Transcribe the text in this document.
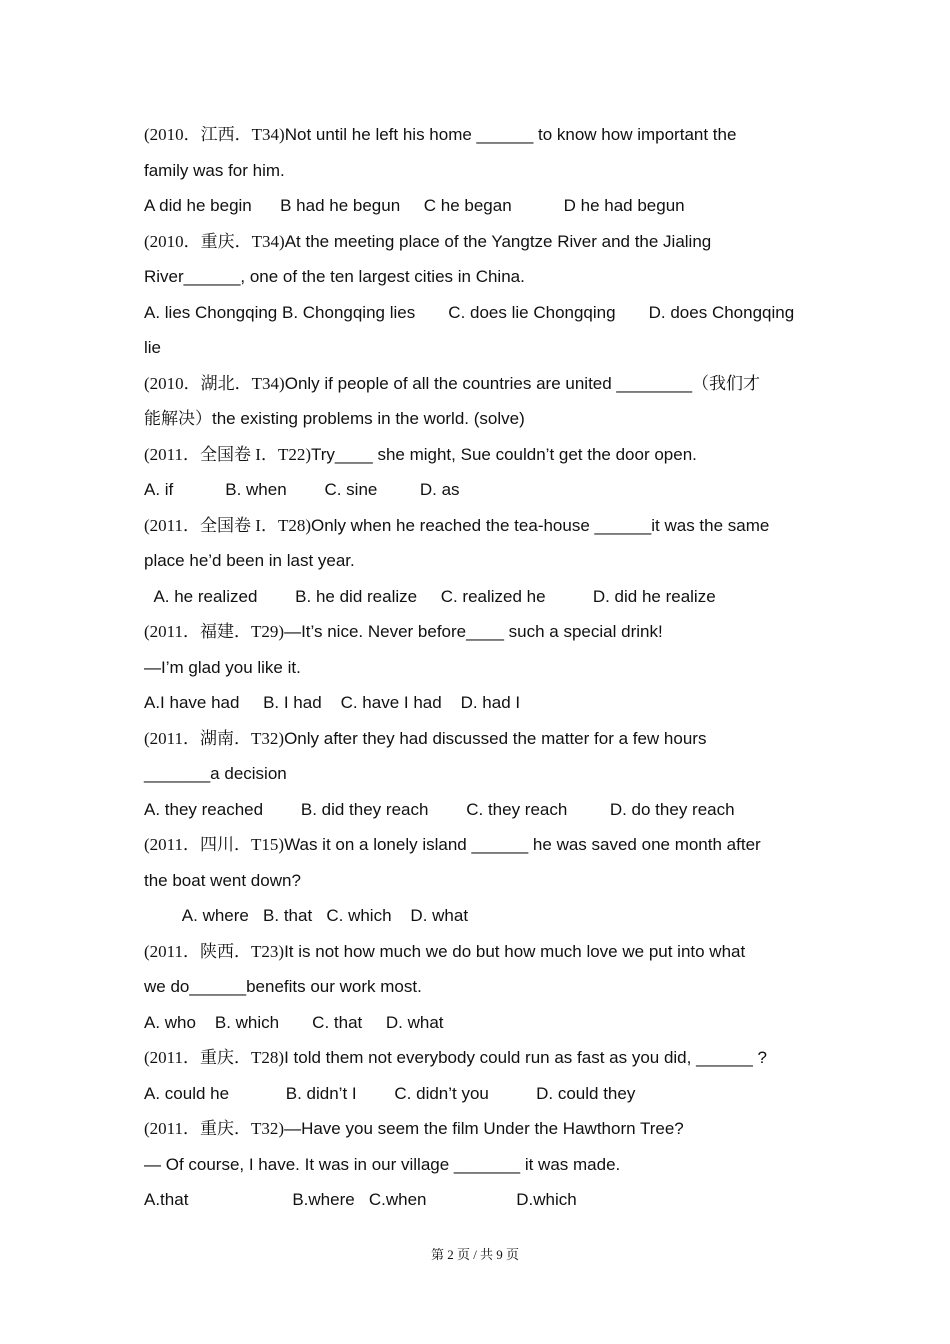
(2010．江西．T34)Not until he left his home ______ to know how important the
family was for him.
A did he begin      B had he begun     C he began           D he had begun
(2010．重庆．T34)At the meeting place of the Yangtze River and the Jialing
River______, one of the ten largest cities in China.
A. lies Chongqing B. Chongqing lies       C. does lie Chongqing       D. does Chongqing
lie
(2010．湖北．T34)Only if people of all the countries are united ________（我们才
能解决）the existing problems in the world. (solve)
(2011．全国卷 I．T22)Try____ she might, Sue couldn’t get the door open.
A. if           B. when        C. sine         D. as
(2011．全国卷 I．T28)Only when he reached the tea-house ______it was the same
place he’d been in last year.
A. he realized        B. he did realize     C. realized he          D. did he realize
(2011．福建．T29)—It’s nice. Never before____ such a special drink!
—I’m glad you like it.
A.I have had     B. I had    C. have I had    D. had I
(2011．湖南．T32)Only after they had discussed the matter for a few hours
_______a decision
A. they reached        B. did they reach        C. they reach         D. do they reach
(2011．四川．T15)Was it on a lonely island ______ he was saved one month after
the boat went down?
A. where   B. that   C. which    D. what
(2011．陕西．T23)It is not how much we do but how much love we put into what
we do______benefits our work most.
A. who    B. which       C. that     D. what
(2011．重庆．T28)I told them not everybody could run as fast as you did, ______ ?
A. could he            B. didn’t I        C. didn’t you          D. could they
(2011．重庆．T32)—Have you seem the film Under the Hawthorn Tree?
— Of course, I have. It was in our village _______ it was made.
A.that                      B.where   C.when                   D.which
第 2 页 / 共 9 页
